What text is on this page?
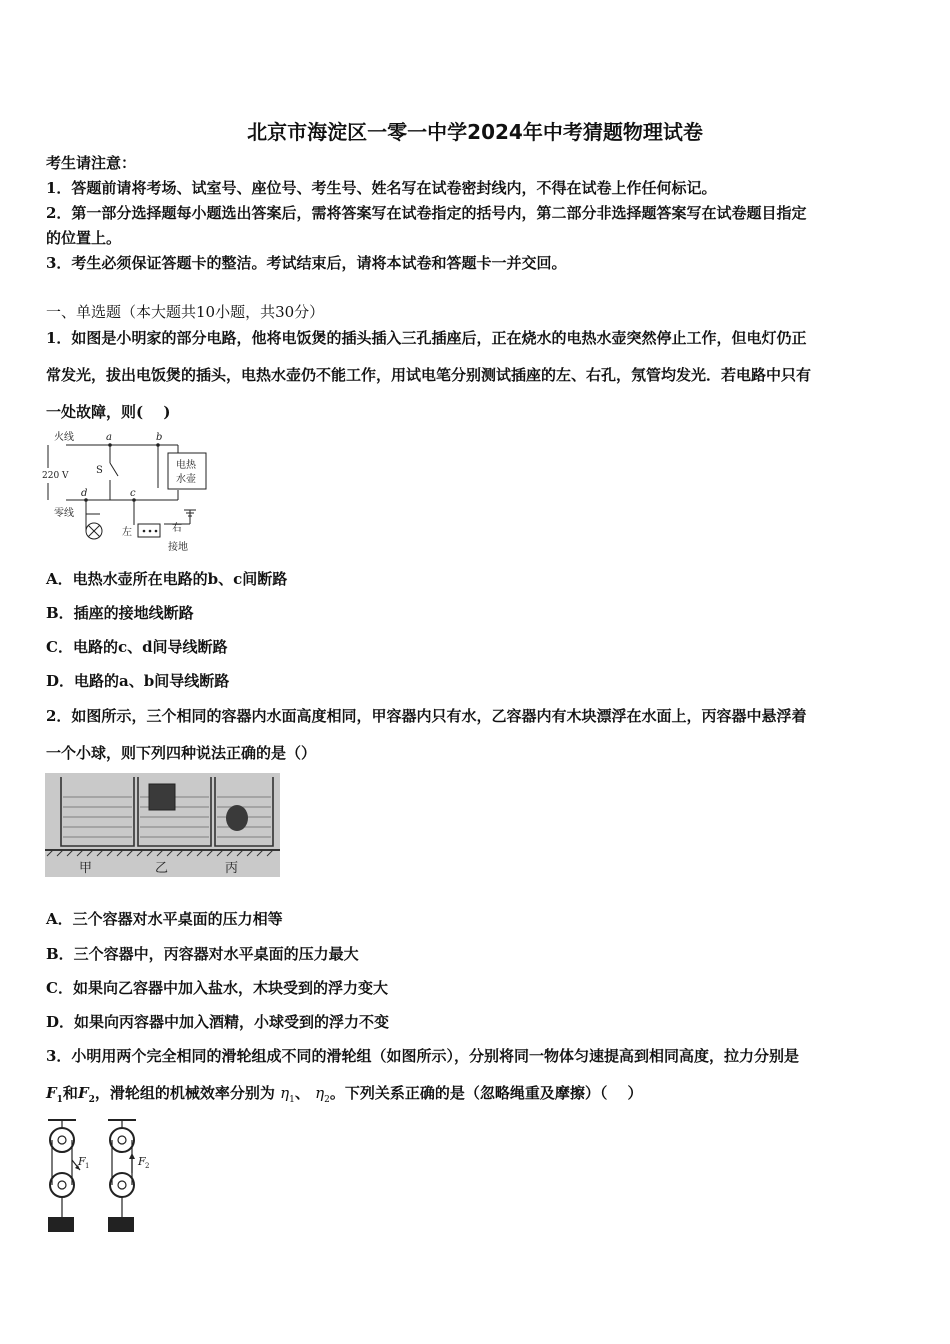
北京市海淀区一零一中学2024年中考猜题物理试卷
考生请注意：
1．答题前请将考场、试室号、座位号、考生号、姓名写在试卷密封线内，不得在试卷上作任何标记。
2．第一部分选择题每小题选出答案后，需将答案写在试卷指定的括号内，第二部分非选择题答案写在试卷题目指定
的位置上。
3．考生必须保证答题卡的整洁。考试结束后，请将本试卷和答题卡一并交回。
一、单选题（本大题共10小题，共30分）
1．如图是小明家的部分电路，他将电饭煲的插头插入三孔插座后，正在烧水的电热水壶突然停止工作，但电灯仍正
常发光，拔出电饭煲的插头，电热水壶仍不能工作，用试电笔分别测试插座的左、右孔，氖管均发光．若电路中只有
一处故障，则(　 )
火线	a	b
220 V	S
d	c
零线
电热
水壶
左	右
接地
A．电热水壶所在电路的b、c间断路
B．插座的接地线断路
C．电路的c、d间导线断路
D．电路的a、b间导线断路
2．如图所示，三个相同的容器内水面高度相同，甲容器内只有水，乙容器内有木块漂浮在水面上，丙容器中悬浮着
一个小球，则下列四种说法正确的是（）
甲	乙	丙
A．三个容器对水平桌面的压力相等
B．三个容器中，丙容器对水平桌面的压力最大
C．如果向乙容器中加入盐水，木块受到的浮力变大
D．如果向丙容器中加入酒精，小球受到的浮力不变
3．小明用两个完全相同的滑轮组成不同的滑轮组（如图所示），分别将同一物体匀速提高到相同高度，拉力分别是
$F_1$和$F_2$，滑轮组的机械效率分别为 $\eta_1$、 $\eta_2$。下列关系正确的是（忽略绳重及摩擦）（　 ）
F 1	F 2
